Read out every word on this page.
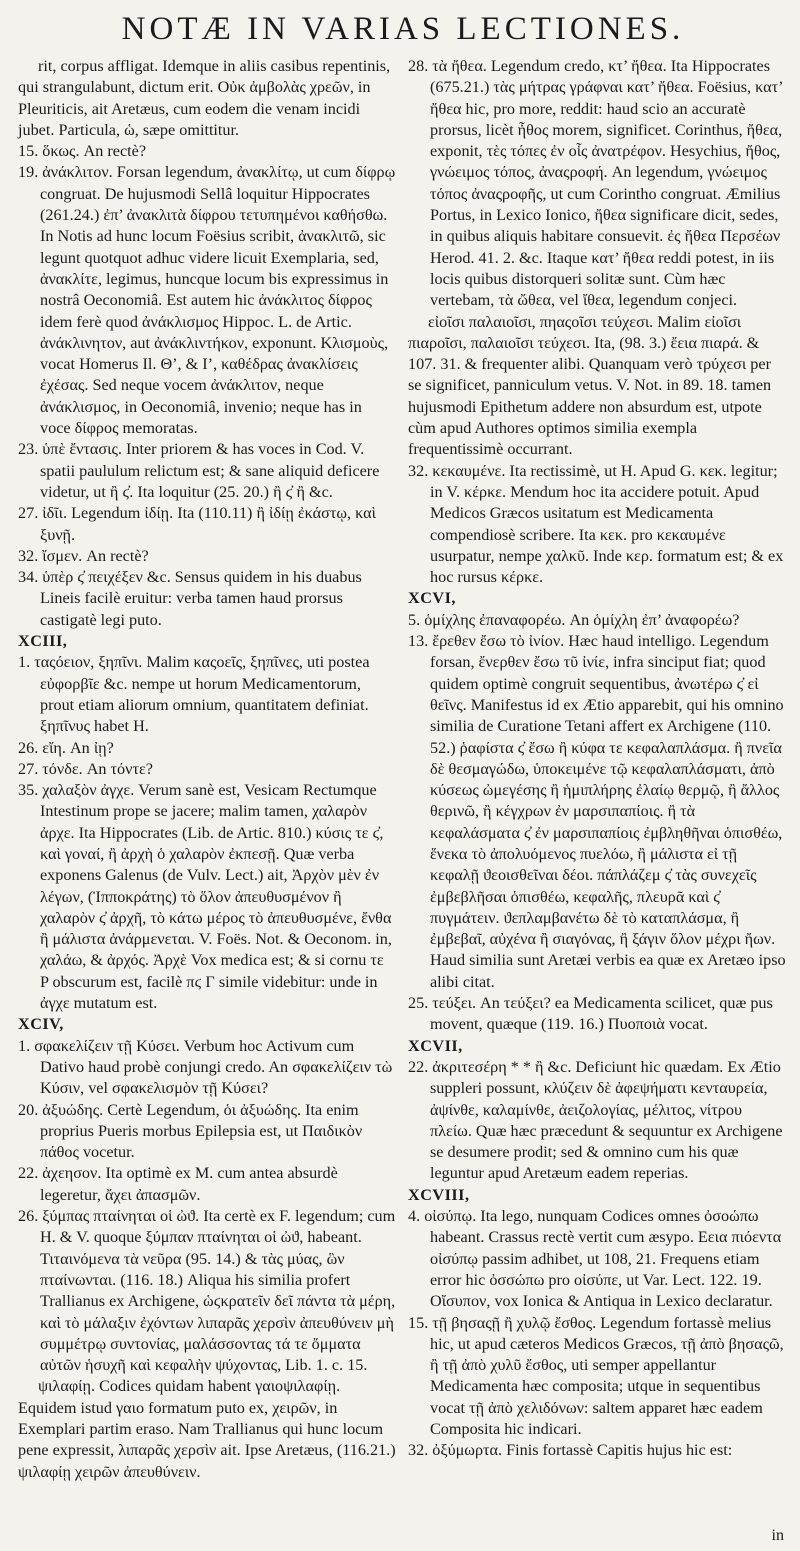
NOTÆ IN VARIAS LECTIONES.

rit, corpus affligat. Idemque in aliis casibus repentinis, qui strangulabunt, dictum erit. Οὐκ ἀμβολὰς χρεῶν, in Pleuriticis, ait Aretæus, cum eodem die venam incidi jubet. Particula, ὡ, sæpe omittitur.

15. ὅκως. An rectè?

19. ἀνάκλιτον. Forsan legendum, ἀνακλίτῳ, ut cum δίφρῳ congruat. De hujusmodi Sellâ loquitur Hippocrates (261.24.) ἐπ’ ἀνακλιτὰ δίφρου τετυπημένοι καθήσθω. In Notis ad hunc locum Foësius scribit, ἀνακλιτῶ, sic legunt quotquot adhuc videre licuit Exemplaria, sed, ἀνακλίτε, legimus, huncque locum bis expressimus in nostrâ Oeconomiâ. Est autem hic ἀνάκλιτος δίφρος idem ferè quod ἀνάκλισμος Hippoc. L. de Artic. ἀνάκλινητον, aut ἀνάκλιντήκον, exponunt. Κλισμοὺς, vocat Homerus Il. Θ’, & Ι’, καθέδρας ἀνακλίσεις ἐχέσας. Sed neque vocem ἀνάκλιτον, neque ἀνάκλισμος, in Oeconomiâ, invenio; neque has in voce δίφρος memoratas.

23. ὑπὲ ἔντασις. Inter priorem & has voces in Cod. V. spatii paululum relictum est; & sane aliquid deficere videtur, ut ἢ ϛ̓. Ita loquitur (25. 20.) ἢ ϛ̓ ἢ &c.

27. ἰδῖι. Legendum ἰδίῃ. Ita (110.11) ἢ ἰδίῃ ἐκάστῳ, καὶ ξυνῇ.

32. ἴσμεν. An rectè?

34. ὑπὲρ ϛ̓ πειχέξεν &c. Sensus quidem in his duabus Lineis facilè eruitur: verba tamen haud prorsus castigatè legi puto.

XCIII,

1. ταςόειον, ξηπῖνι. Malim καςοεῖς, ξηπῖνες, uti postea εὐφορβῖε &c. nempe ut horum Medicamentorum, prout etiam aliorum omnium, quantitatem definiat. ξηπῖνυς habet H.

26. εἴη. An ἰῃ?

27. τόνδε. An τόντε?

35. χαλαξὸν ἀγχε. Verum sanè est, Vesicam Rectumque Intestinum prope se jacere; malim tamen, χαλαρὸν ἀρχε. Ita Hippocrates (Lib. de Artic. 810.) κύσις τε ϛ̓, καὶ γοναί, ἢ ἀρχὴ ὁ χαλαρὸν ἐκπεσῇ. Quæ verba exponens Galenus (de Vulv. Lect.) ait, Ἀρχὸν μὲν ἐν λέγων, (Ἱπποκράτης) τὸ ὅλον ἀπευθυσμένον ἢ χαλαρὸν ϛ̓ ἀρχῆ, τὸ κάτω μέρος τὸ ἀπευθυσμένε, ἔνθα ἢ μάλιστα ἀνάρμενεται. V. Foës. Not. & Oeconom. in, χαλάω, & ἀρχός. Ἀρχὲ Vox medica est; & si cornu τε P obscurum est, facilè πϛ Γ simile videbitur: unde in ἀγχε mutatum est.

XCIV,

1. σφακελίζειν τῇ Κύσει. Verbum hoc Activum cum Dativo haud probè conjungi credo. An σφακελίζειν τὼ Κύσιν, vel σφακελισμὸν τῇ Κύσει?

20. ἀξυώδης. Certè Legendum, ὁι ἀξυώδης. Ita enim proprius Pueris morbus Epilepsia est, ut Παιδικὸν πάθος vocetur.

22. ἀχεησον. Ita optimè ex M. cum antea absurdè legeretur, ἄχει ἀπασμῶν.

26. ξύμπας πταίνηται οἱ ὠϑ. Ita certè ex F. legendum; cum H. & V. quoque ξύμπαν πταίνηται οἱ ὠϑ, habeant. Τιταινόμενα τὰ νεῦρα (95. 14.) & τὰς μύας, ὣν πταίνωνται. (116. 18.) Aliqua his similia profert Trallianus ex Archigene, ὡϛκρατεῖν δεῖ πάντα τὰ μέρη, καὶ τὸ μάλαξιν ἐχόντων λιπαρᾶς χερσὶν ἀπευθύνειν μὴ συμμέτρῳ συντονίας, μαλάσσοντας τά τε ὄμματα αὐτῶν ἡσυχῆ καὶ κεφαλὴν ψύχοντας, Lib. 1. c. 15.

ψιλαφίῃ. Codices quidam habent γαιοψιλαφίῃ. Equidem istud γαιο formatum puto ex, χειρῶν, in Exemplari partim eraso. Nam Trallianus qui hunc locum pene expressit, λιπαρᾶς χερσὶν ait. Ipse Aretæus, (116.21.) ψιλαφίῃ χειρῶν ἀπευθύνειν.

28. τὰ ἤθεα. Legendum credo, κτ’ ἤθεα. Ita Hippocrates (675.21.) τὰς μήτρας γράφναι κατ’ ἤθεα. Foësius, κατ’ ἤθεα hic, pro more, reddit: haud scio an accuratè prorsus, licèt ἦθος morem, significet. Corinthus, ἤθεα, exponit, τὲς τόπες ἐν οἷς ἀνατρέφον. Hesychius, ἤθος, γνώειμος τόπος, ἀναςροφή. An legendum, γνώειμος τόπος ἀναςροφῆς, ut cum Corintho congruat. Æmilius Portus, in Lexico Ionico, ἤθεα significare dicit, sedes, in quibus aliquis habitare consuevit. ἐς ἤθεα Περσέων Herod. 41. 2. &c. Itaque κατ’ ἤθεα reddi potest, in iis locis quibus distorqueri solitæ sunt. Cùm hæc vertebam, τὰ ὤθεα, vel ἴθεα, legendum conjeci.

εἰοῖσι παλαιοῖσι, πηαςοῖσι τεύχεσι. Malim εἰοῖσι πιαροῖσι, παλαιοῖσι τεύχεσι. Ita, (98. 3.) ἔεια πιαρά. & 107. 31. & frequenter alibi. Quanquam verò τρύχεσι per se significet, panniculum vetus. V. Not. in 89. 18. tamen hujusmodi Epithetum addere non absurdum est, utpote cùm apud Authores optimos similia exempla frequentissimè occurrant.

32. κεκαυμένε. Ita rectissimè, ut H. Apud G. κεκ. legitur; in V. κέρκε. Mendum hoc ita accidere potuit. Apud Medicos Græcos usitatum est Medicamenta compendiosè scribere. Ita κεκ. pro κεκαυμένε usurpatur, nempe χαλκῦ. Inde κερ. formatum est; & ex hoc rursus κέρκε.

XCVI,

5. ὁμίχλης ἐπαναφορέω. An ὁμίχλη ἐπ’ ἀναφορέω?

13. ἔρεθεν ἔσω τὸ ἰνίον. Hæc haud intelligo. Legendum forsan, ἔνερθεν ἔσω τῦ ἰνίε, infra sinciput fiat; quod quidem optimè congruit sequentibus, ἀνωτέρω ϛ̓ εἰ θεῖνς. Manifestus id ex Ætio apparebit, qui his omnino similia de Curatione Tetani affert ex Archigene (110. 52.) ῥαφίστα ϛ̓ ἔσω ἢ κύφα τε κεφαλαπλάσμα. ἢ πνεῖα δὲ θεσμαγώδω, ὑποκειμένε τῷ κεφαλαπλάσματι, ἀπὸ κύσεως ὠμεγέσης ἢ ἡμιπλήρης ἐλαίῳ θερμῷ, ἢ ἄλλος θερινῶ, ἢ κέγχρων ἐν μαρσιπαπίοις. ἢ τὰ κεφαλάσματα ϛ̓ ἐν μαρσιπαπίοις ἐμβληθῆναι ὁπισθέω, ἕνεκα τὸ ἀπολυόμενος πυελόω, ἢ μάλιστα εἰ τῇ κεφαλῇ ϑεοισθεῖναι δέοι. πάπλάζεμ ϛ̓ τὰς συνεχεῖς ἐμβεβλῆσαι ὁπισθέω, κεφαλῆς, πλευρᾶ καὶ ϛ̓ πυγμάτειν. ϑεπλαμβανέτω δὲ τὸ καταπλάσμα, ἢ ἐμβεβαῖ, αὐχένα ἢ σιαγόνας, ἢ ξάγιν ὅλον μέχρι ἤων. Haud similia sunt Aretæi verbis ea quæ ex Aretæo ipso alibi citat.

25. τεύξει. An τεύξει? ea Medicamenta scilicet, quæ pus movent, quæque (119. 16.) Πυοποιὰ vocat.

XCVII,

22. ἀκριτεσέρη * * ἢ &c. Deficiunt hic quædam. Ex Ætio suppleri possunt, κλύζειν δὲ ἀφεψήματι κενταυρεία, ἀψίνθε, καλαμίνθε, ἀειζολογίας, μέλιτος, νίτρου πλείω. Quæ hæc præcedunt & sequuntur ex Archigene se desumere prodit; sed & omnino cum his quæ leguntur apud Aretæum eadem reperias.

XCVIII,

4. οἰσύπῳ. Ita lego, nunquam Codices omnes ὀσοώπω habeant. Crassus rectè vertit cum æsypo. Εεια πιόεντα οἰσύπῳ passim adhibet, ut 108, 21. Frequens etiam error hic ὀσσώπω pro οἰσύπε, ut Var. Lect. 122. 19. Οἴσυπον, vox Ionica & Antiqua in Lexico declaratur.

15. τῇ βησαςῇ ἢ χυλῷ ἔσθος. Legendum fortassè melius hic, ut apud cæteros Medicos Græcos, τῇ ἀπὸ βησαςῶ, ἢ τῇ ἀπὸ χυλῦ ἔσθος, uti semper appellantur Medicamenta hæc composita; utque in sequentibus vocat τῇ ἀπὸ χελιδόνων: saltem apparet hæc eadem Composita hic indicari.

32. ὀξύμωρτα. Finis fortassè Capitis hujus hic est:

in
